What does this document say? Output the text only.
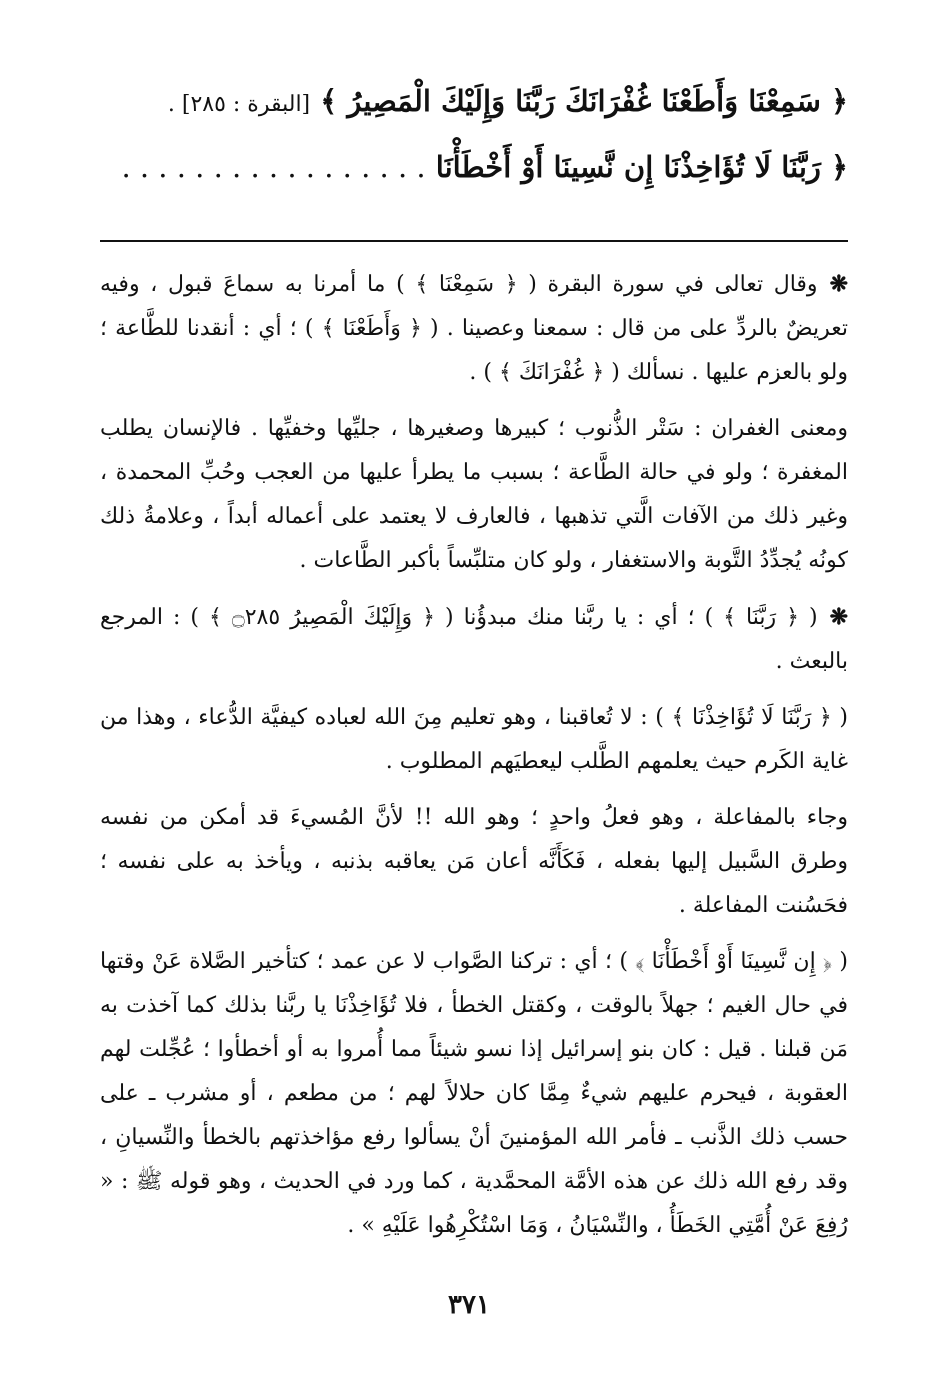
﴿ سَمِعْنَا وَأَطَعْنَا غُفْرَانَكَ رَبَّنَا وَإِلَيْكَ الْمَصِيرُ ﴾ [البقرة : ٢٨٥] .
﴿ رَبَّنَا لَا تُؤَاخِذْنَا إِن نَّسِينَا أَوْ أَخْطَأْنَا . . . . . . . . . . . . . . . . .

❋وقال تعالى في سورة البقرة ( ﴿ سَمِعْنَا ﴾ ) ما أمرنا به سماعَ قبول ، وفيه تعريضٌ بالردِّ على من قال : سمعنا وعصينا . ( ﴿ وَأَطَعْنَا ﴾ ) ؛ أي : أنقدنا للطَّاعة ؛ ولو بالعزم عليها . نسألك ( ﴿ غُفْرَانَكَ ﴾ ) .

ومعنى الغفران : سَتْر الذُّنوب ؛ كبيرها وصغيرها ، جليِّها وخفيِّها . فالإنسان يطلب المغفرة ؛ ولو في حالة الطَّاعة ؛ بسبب ما يطرأ عليها من العجب وحُبِّ المحمدة ، وغير ذلك من الآفات الَّتي تذهبها ، فالعارف لا يعتمد على أعماله أبداً ، وعلامةُ ذلك كونُه يُجدِّدُ التَّوبة والاستغفار ، ولو كان متلبِّساً بأكبر الطَّاعات .

❋( ﴿ رَبَّنَا ﴾ ) ؛ أي : يا ربَّنا منك مبدؤُنا ( ﴿ وَإِلَيْكَ الْمَصِيرُ ۝٢٨٥ ﴾ ) : المرجع بالبعث .

( ﴿ رَبَّنَا لَا تُؤَاخِذْنَا ﴾ ) : لا تُعاقبنا ، وهو تعليم مِنَ الله لعباده كيفيَّة الدُّعاء ، وهذا من غاية الكَرم حيث يعلمهم الطَّلب ليعطيَهم المطلوب .

وجاء بالمفاعلة ، وهو فعلُ واحدٍ ؛ وهو الله !! لأنَّ المُسيءَ قد أمكن من نفسه وطرق السَّبيل إليها بفعله ، فَكَأَنَّه أعان مَن يعاقبه بذنبه ، ويأخذ به على نفسه ؛ فحَسُنت المفاعلة .

( ﴿ إِن نَّسِينَا أَوْ أَخْطَأْنَا ﴾ ) ؛ أي : تركنا الصَّواب لا عن عمد ؛ كتأخير الصَّلاة عَنْ وقتها في حال الغيم ؛ جهلاً بالوقت ، وكقتل الخطأ ، فلا تُؤَاخِذْنَا يا ربَّنا بذلك كما آخذت به مَن قبلنا . قيل : كان بنو إسرائيل إذا نسو شيئاً مما أُمروا به أو أخطأوا ؛ عُجِّلت لهم العقوبة ، فيحرم عليهم شيءٌ مِمَّا كان حلالاً لهم ؛ من مطعم ، أو مشرب ـ على حسب ذلك الذَّنب ـ فأمر الله المؤمنينَ أنْ يسألوا رفع مؤاخذتهم بالخطأ والنِّسيانِ ، وقد رفع الله ذلك عن هذه الأمَّة المحمَّدية ، كما ورد في الحديث ، وهو قوله ﷺ : « رُفِعَ عَنْ أُمَّتِي الخَطَأُ ، والنِّسْيَانُ ، وَمَا اسْتُكْرِهُوا عَلَيْهِ » .

٣٧١
